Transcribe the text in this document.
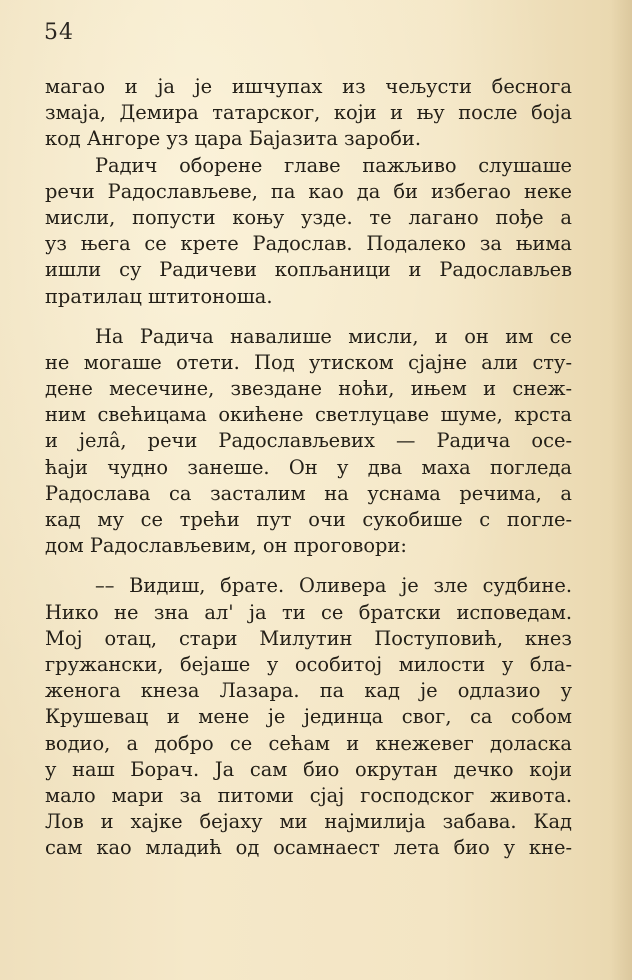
54
магао и ја је ишчупах из чељусти беснога
змаја, Демира татарског, који и њу после боја
код Ангоре уз цара Бајазита зароби.
Радич оборене главе пажљиво слушаше
речи Радослављеве, па као да би избегао неке
мисли, попусти коњу узде. те лагано пође а
уз њега се крете Радослав. Подалеко за њима
ишли су Радичеви копљаници и Радослављев
пратилац штитоноша.
На Радича навалише мисли, и он им се
не могаше отети. Под утиском сјајне али сту-
дене месечине, звездане ноћи, ињем и снеж-
ним свећицама окићене светлуцаве шуме, крста
и јелâ, речи Радослављевих — Радича осе-
ћаји чудно занеше. Он у два маха погледа
Радослава са засталим на уснама речима, а
кад му се трећи пут очи сукобише с погле-
дом Радослављевим, он проговори:
–– Видиш, брате. Оливера је зле судбине.
Нико не зна ал' ја ти се братски исповедам.
Мој отац, стари Милутин Поступовић, кнез
гружански, бејаше у особитој милости у бла-
женога кнеза Лазара. па кад је одлазио у
Крушевац и мене је јединца свог, са собом
водио, а добро се сећам и кнежевег доласка
у наш Борач. Ја сам био окрутан дечко који
мало мари за питоми сјај господског живота.
Лов и хајке бејаху ми најмилија забава. Кад
сам као младић од осамнаест лета био у кне-
